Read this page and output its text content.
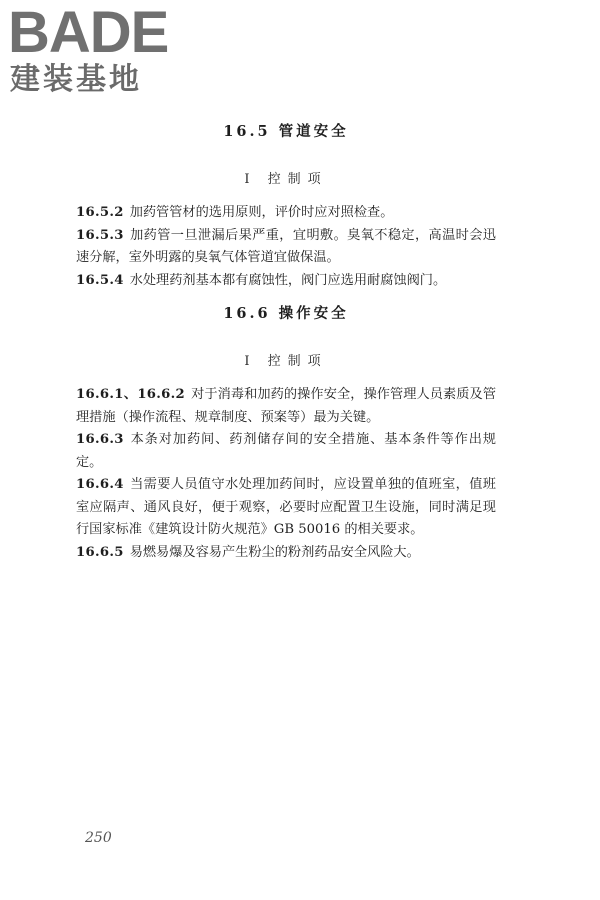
BADE
建装基地
16.5 管道安全

Ⅰ 控制项

16.5.2 加药管管材的选用原则，评价时应对照检查。

16.5.3 加药管一旦泄漏后果严重，宜明敷。臭氧不稳定，高温时会迅速分解，室外明露的臭氧气体管道宜做保温。

16.5.4 水处理药剂基本都有腐蚀性，阀门应选用耐腐蚀阀门。

16.6 操作安全

Ⅰ 控制项

16.6.1、16.6.2 对于消毒和加药的操作安全，操作管理人员素质及管理措施（操作流程、规章制度、预案等）最为关键。

16.6.3 本条对加药间、药剂储存间的安全措施、基本条件等作出规定。

16.6.4 当需要人员值守水处理加药间时，应设置单独的值班室，值班室应隔声、通风良好，便于观察，必要时应配置卫生设施，同时满足现行国家标准《建筑设计防火规范》GB 50016 的相关要求。

16.6.5 易燃易爆及容易产生粉尘的粉剂药品安全风险大。

250
